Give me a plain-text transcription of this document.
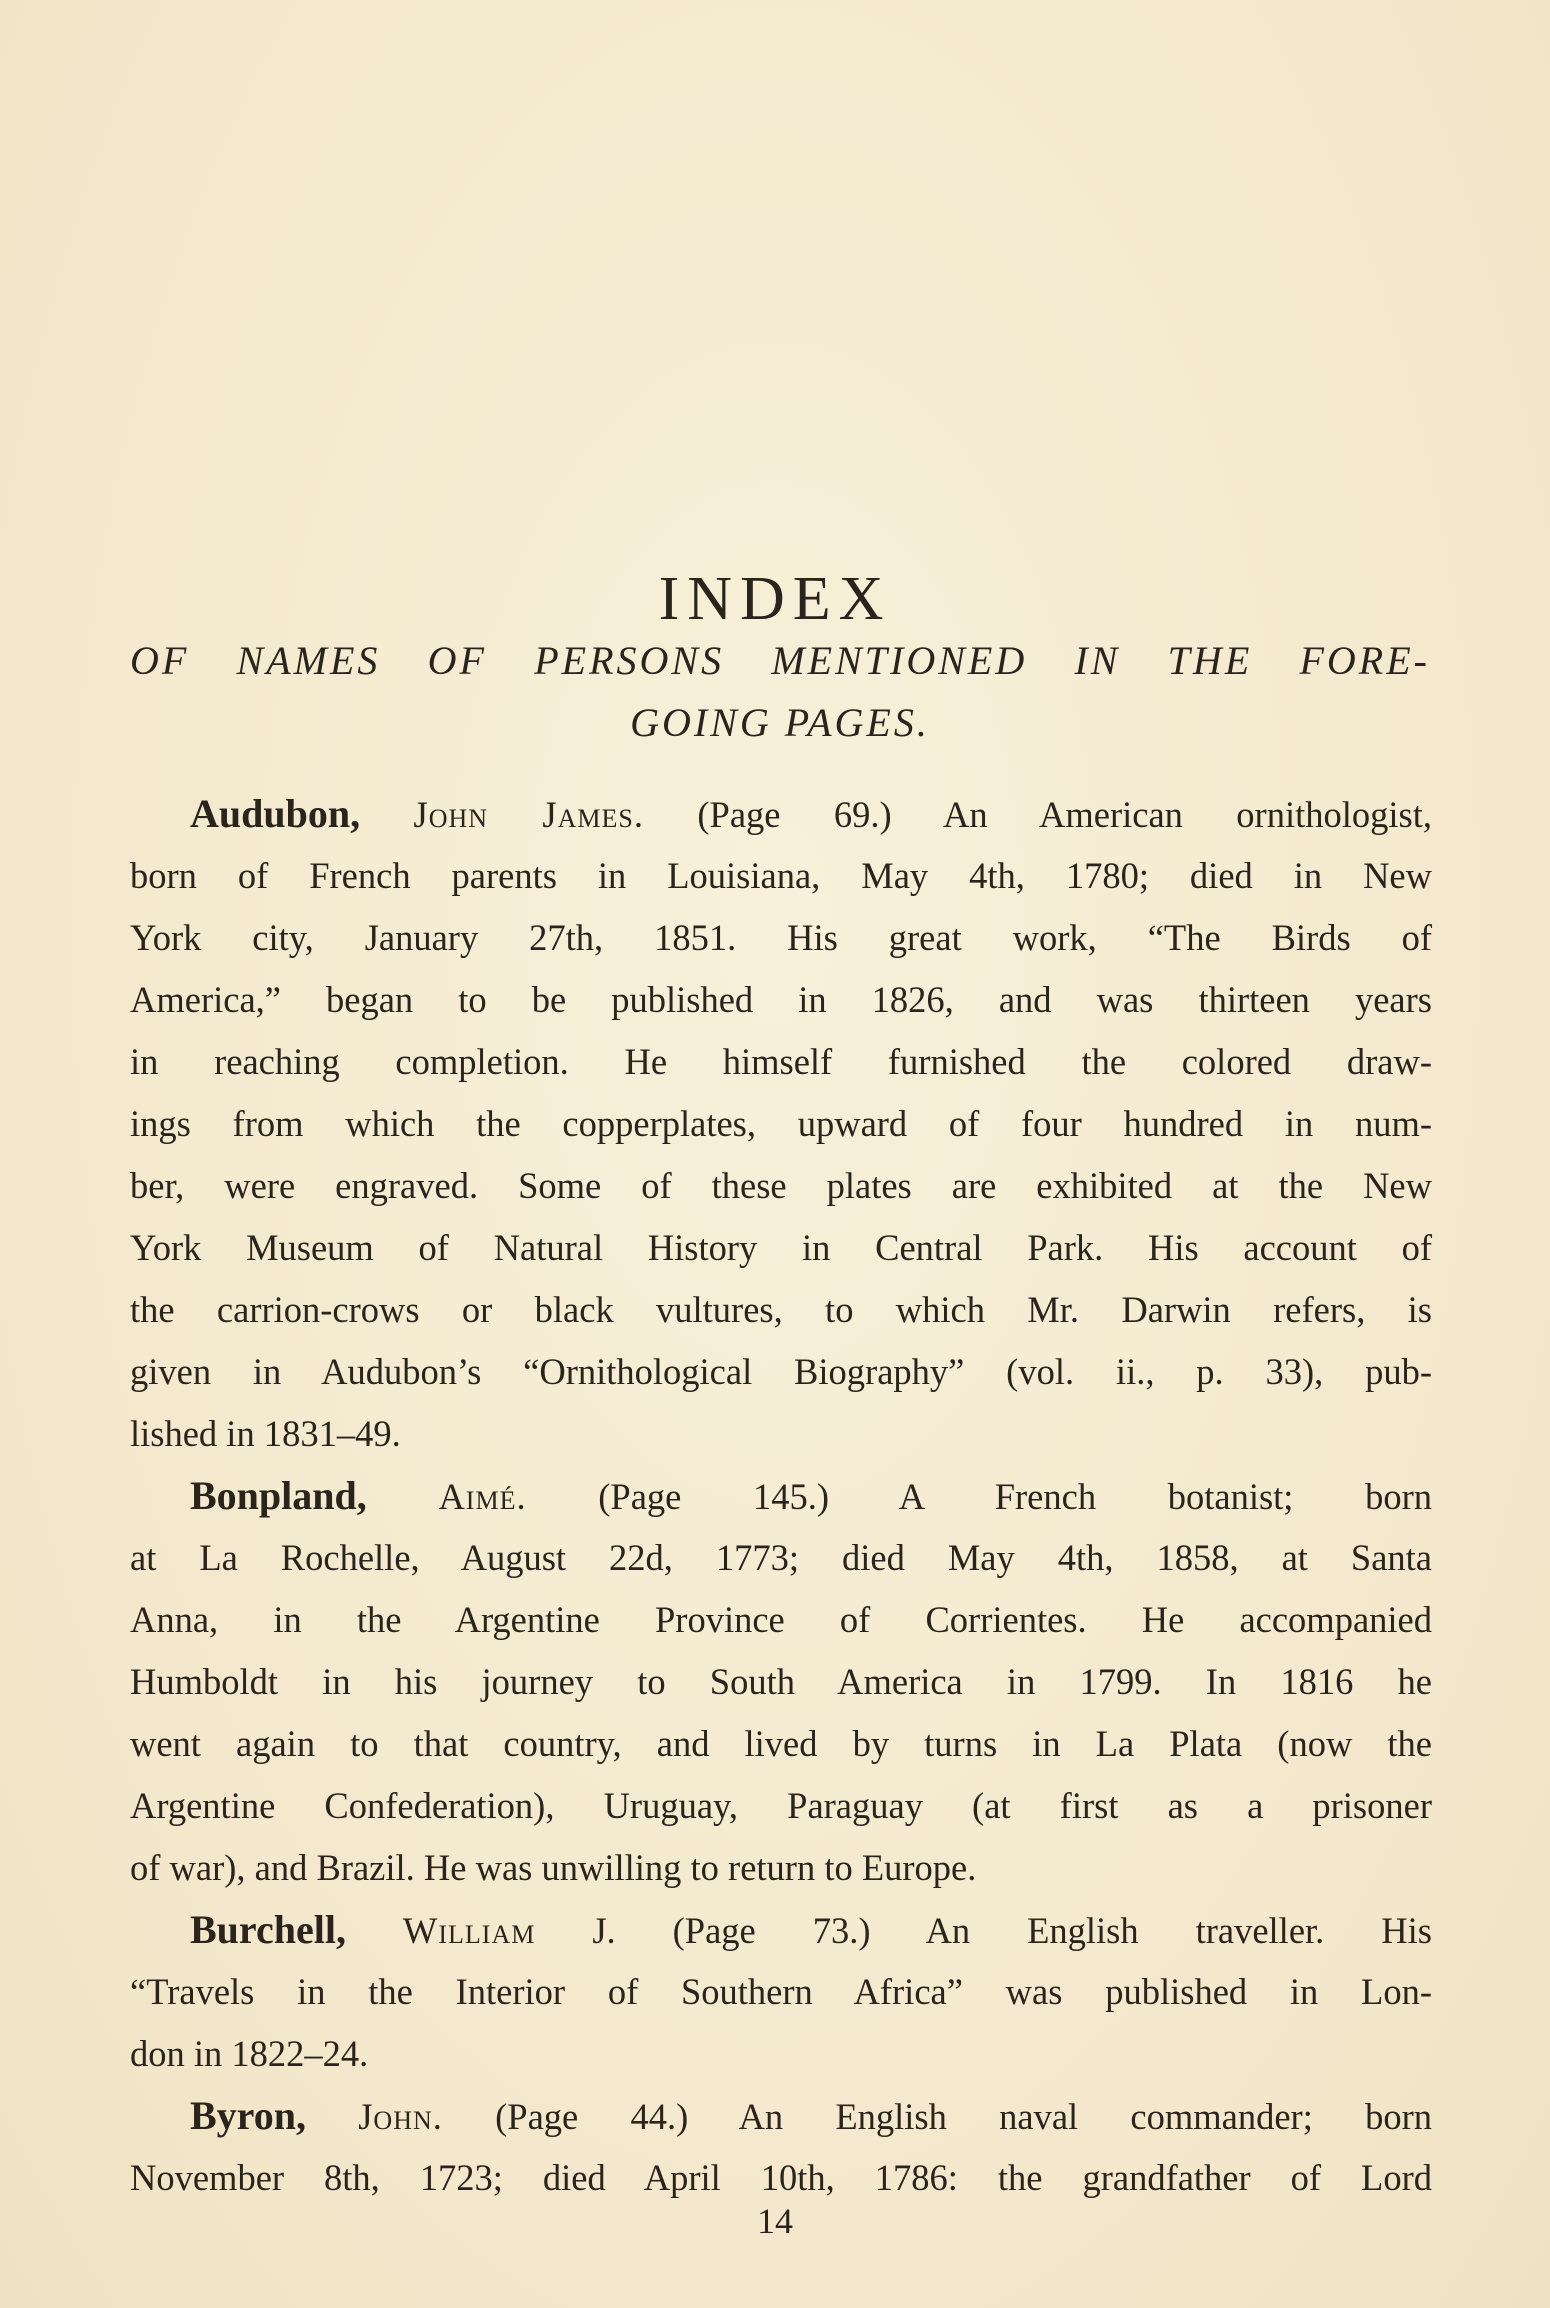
INDEX
OF NAMES OF PERSONS MENTIONED IN THE FORE-
GOING PAGES.
Audubon, John James. (Page 69.) An American ornithologist,
born of French parents in Louisiana, May 4th, 1780; died in New
York city, January 27th, 1851. His great work, “The Birds of
America,” began to be published in 1826, and was thirteen years
in reaching completion. He himself furnished the colored draw-
ings from which the copperplates, upward of four hundred in num-
ber, were engraved. Some of these plates are exhibited at the New
York Museum of Natural History in Central Park. His account of
the carrion-crows or black vultures, to which Mr. Darwin refers, is
given in Audubon’s “Ornithological Biography” (vol. ii., p. 33), pub-
lished in 1831–49.
Bonpland, Aimé. (Page 145.) A French botanist; born
at La Rochelle, August 22d, 1773; died May 4th, 1858, at Santa
Anna, in the Argentine Province of Corrientes. He accompanied
Humboldt in his journey to South America in 1799. In 1816 he
went again to that country, and lived by turns in La Plata (now the
Argentine Confederation), Uruguay, Paraguay (at first as a prisoner
of war), and Brazil. He was unwilling to return to Europe.
Burchell, William J. (Page 73.) An English traveller. His
“Travels in the Interior of Southern Africa” was published in Lon-
don in 1822–24.
Byron, John. (Page 44.) An English naval commander; born
November 8th, 1723; died April 10th, 1786: the grandfather of Lord
14
